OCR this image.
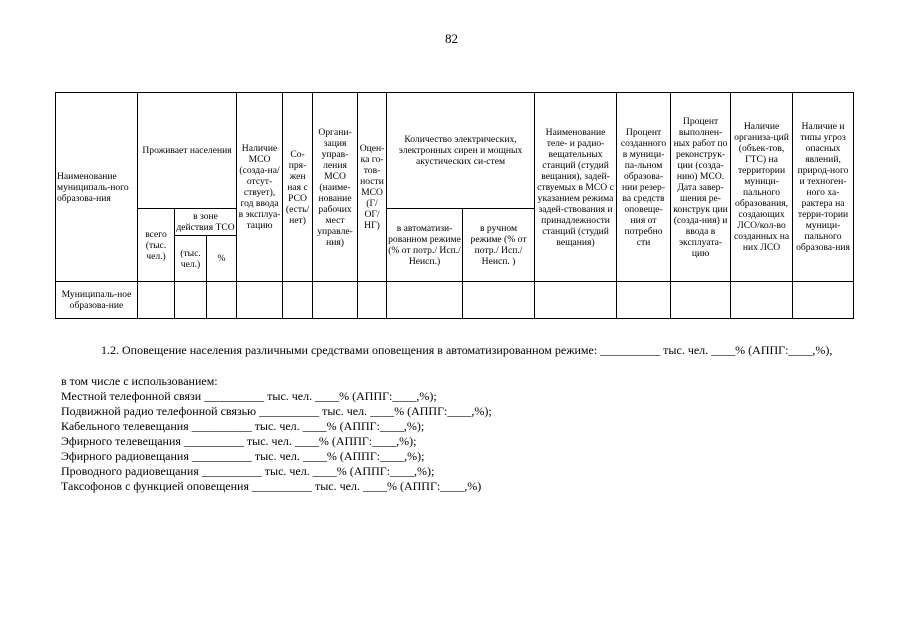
82
Наименование муниципаль-ного образова-ния	Проживает населения			Наличие МСО (созда-на/отсут-ствует), год ввода в эксплуа-тацию	Со-пря-жен ная с РСО (есть/нет)	Органи-зация управ-ления МСО (наиме-нование рабочих мест управле-ния)	Оцен-ка го-тов-ности МСО (Г/ОГ/НГ)	Количество электрических, электронных сирен и мощных акустических си-стем		Наименование теле- и радио-вещательных станций (студий вещания), задей-ствуемых в МСО с указанием режима задей-ствования и принадлежности станций (студий вещания)	Процент созданного в муници-па-льном образова-нии резер-ва средств оповеще-ния от потребно сти	Процент выполнен-ных работ по реконструк-ции (созда-нию) МСО. Дата завер-шения ре-конструк ции (созда-ния) и ввода в эксплуата-цию	Наличие организа-ций (объек-тов, ГТС) на территории муници-пального образования, создающих ЛСО/кол-во созданных на них ЛСО	Наличие и типы угроз опасных явлений, природ-ного и техноген-ного ха-рактера на терри-тории муници-пального образова-ния
	всего (тыс. чел.)	в зоне действия ТСО						в автоматизи-рованном режиме (% от потр./ Исп./Неисп.)	в ручном режиме (% от потр./ Исп./Неисп. )					
		(тыс. чел.)	%											
Муниципаль-ное образова-ние														
1.2. Оповещение населения различными средствами оповещения в автоматизированном режиме: __________ тыс. чел. ____% (АППГ:____,%),
в том числе с использованием:
Местной телефонной связи __________ тыс. чел. ____% (АППГ:____,%);
Подвижной радио телефонной связью __________ тыс. чел. ____% (АППГ:____,%);
Кабельного телевещания __________ тыс. чел. ____% (АППГ:____,%);
Эфирного телевещания __________ тыс. чел. ____% (АППГ:____,%);
Эфирного радиовещания __________ тыс. чел. ____% (АППГ:____,%);
Проводного радиовещания __________ тыс. чел. ____% (АППГ:____,%);
Таксофонов с функцией оповещения __________ тыс. чел. ____% (АППГ:____,%)
